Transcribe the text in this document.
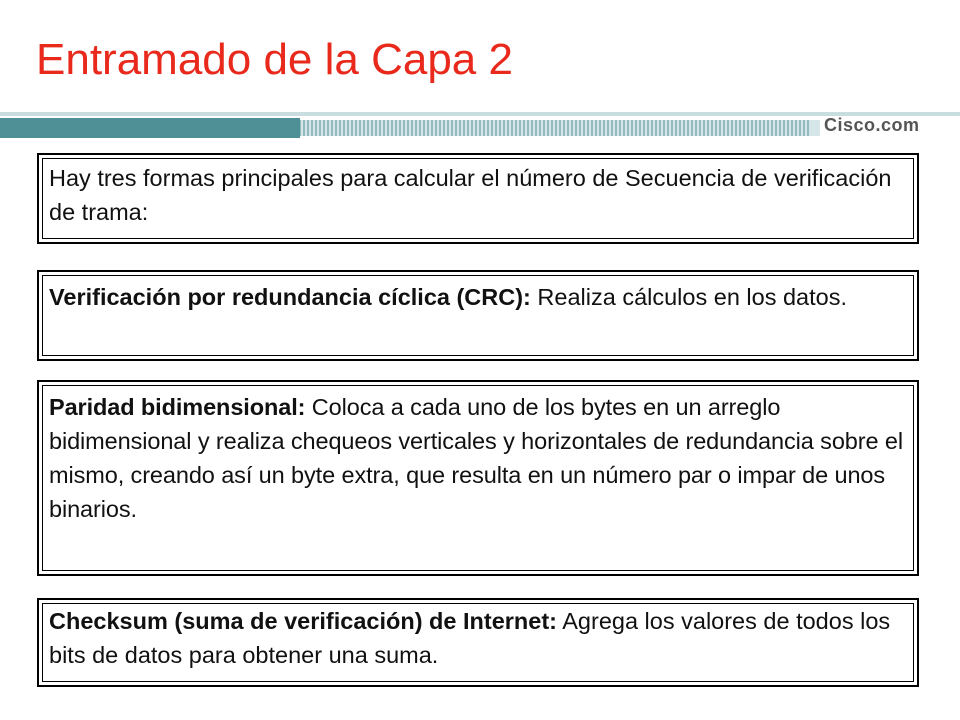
Entramado de la Capa 2
Cisco.com
Hay tres formas principales para calcular el número de Secuencia de verificación de trama:
Verificación por redundancia cíclica (CRC): Realiza cálculos en los datos.
Paridad bidimensional: Coloca a cada uno de los bytes en un arreglo bidimensional y realiza chequeos verticales y horizontales de redundancia sobre el mismo, creando así un byte extra, que resulta en un número par o impar de unos binarios.
Checksum (suma de verificación) de Internet: Agrega los valores de todos los bits de datos para obtener una suma.
